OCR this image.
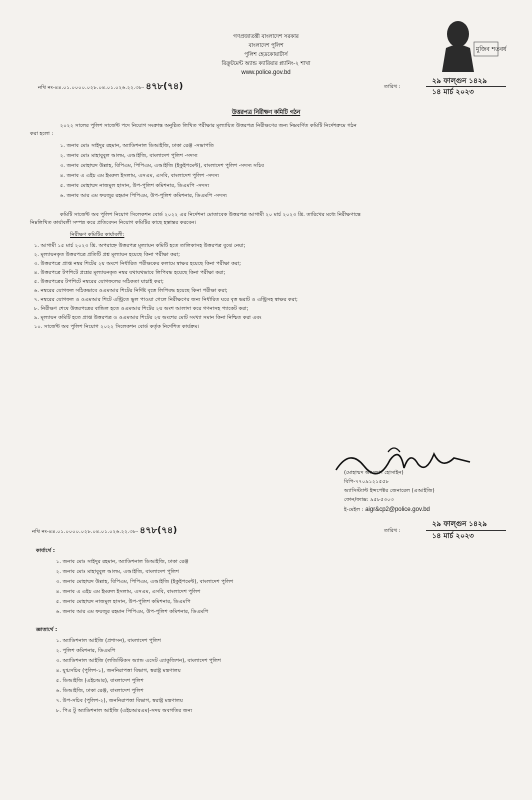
গণপ্রজাতন্ত্রী বাংলাদেশ সরকার
বাংলাদেশ পুলিশ
পুলিশ হেডকোয়ার্টার্স
রিক্রুটমেন্ট অ্যান্ড ক্যারিয়ার প্ল্যানিং-২ শাখা
www.police.gov.bd
মুজিব শতবর্ষ
নথি নং-৪৪.০১.০০০০.০২৮.০৪.০১.০২৬.২২.৩৮- ৪৭৮(৭৪)	তারিখ :
২৯ ফাল্গুন ১৪২৯
১৪ মার্চ ২০২৩
উত্তরপত্র নিরীক্ষণ কমিটি গঠন
২০২২ সালের পুলিশ সার্জেন্ট পদে নিয়োগ সংক্রান্ত অনুষ্ঠিত লিখিত পরীক্ষার মূল্যায়িত উত্তরপত্র নিরীক্ষণের জন্য নিম্নবর্ণিত কমিটি নির্দেশক্রমে গঠন
করা হলো :
১. জনাব মোঃ সাইদুর রহমান, অ্যাডিশনাল ডিআইজি, ঢাকা রেঞ্জ -সভাপতি
২. জনাব মোঃ মাহাবুবুল আলম, এআইজি, বাংলাদেশ পুলিশ -সদস্য
৩. জনাব মোহাম্মদ উল্লাহ, বিপিএম, পিপিএম, এআইজি (ইকুইপমেন্ট), বাংলাদেশ পুলিশ -সদস্য সচিব
৪. জনাব এ এইচ এম ইমরুল ইসলাম, এসএম, এসবি, বাংলাদেশ পুলিশ -সদস্য
৫. জনাব মোহাম্মদ নাজমুল হাসান, উপ-পুলিশ কমিশনার, ডিএমপি -সদস্য
৬. জনাব আর এম ফয়জুর রহমান পিপিএম, উপ-পুলিশ কমিশনার, ডিএমপি -সদস্য
কমিটি সার্জেন্ট অব পুলিশ নিয়োগ সিলেকশন বোর্ড ২০২২ এর নির্দেশনা মোতাবেক উত্তরপত্র আগামী ২০ মার্চ ২০২৩ খ্রি. তারিখের মধ্যে নিরীক্ষণান্তে
নিম্নলিখিত কার্যাবলী সম্পন্ন করে প্রতিবেদন নিয়োগ কমিটির কাছে হস্তান্তর করবেন।
নিরীক্ষণ কমিটির কার্যাবলী:
১. আগামী ১৫ মার্চ ২০২৩ খ্রি. অপরাহ্নে উত্তরপত্র মূল্যায়ন কমিটি হতে তালিকাসহ উত্তরপত্র বুঝে নেয়া;
২. মূল্যায়নকৃত উত্তরপত্রে প্রতিটি প্রশ্ন মূল্যায়ন হয়েছে কিনা পরীক্ষা করা;
৩. উত্তরপত্রে প্রাপ্ত নম্বর শিটের ২য় অংশে নির্ধারিত পরীক্ষকের কলামে স্বাক্ষর হয়েছে কিনা পরীক্ষা করা;
৪. উত্তরপত্রে টপশিটে প্রশ্নের মূল্যায়নকৃত নম্বর যথাযথভাবে লিপিবদ্ধ হয়েছে কিনা পরীক্ষা করা;
৫. উত্তরপত্রের টপশিটে নম্বরের যোগফলের সঠিকতা যাচাই করা;
৬. নম্বরের যোগফল সঠিকভাবে ওএমআর শিটের নির্দিষ্ট বৃত্তে লিপিবদ্ধ হয়েছে কিনা পরীক্ষা করা;
৭. নম্বরের যোগফল ও ওএমআর শিটে এন্ট্রিতে ভুল পাওয়া গেলে নিরীক্ষণের জন্য নির্ধারিত ঘরে বৃত্ত ভরাট ও এন্ট্রিসহ স্বাক্ষর করা;
৮. নিরীক্ষণ শেষে উত্তরপত্রের বান্ডিল হতে ওএমআর শিটের ২য় অংশ আলাদা করে গণনাসহ প্যাকেট করা;
৯. মূল্যায়ন কমিটি হতে প্রাপ্ত উত্তরপত্র ও ওএমআর শিটের ২য় অংশের মোট সংখ্যা সমান কিনা নিশ্চিত করা এবং
১০. সার্জেন্ট অব পুলিশ নিয়োগ ২০২২ সিলেকশন বোর্ড কর্তৃক নির্দেশিত কার্যক্রম।
(মোহাম্মদ আমজাদ হোসাইন)
বিপি-৭৭০৯১২১৫৫৮
অ্যাসিস্ট্যান্ট ইন্সপেক্টর জেনারেল (এআইজি)
ফোন/ফ্যাক্স: ৯৫৮৫৩০৩
ই-মেইল : aigr&cp2@police.gov.bd
নথি নং-৪৪.০১.০০০০.০২৮.০৪.০১.০২৬.২২.৩৮- ৪৭৮(৭৪)	তারিখ :
২৯ ফাল্গুন ১৪২৯
১৪ মার্চ ২০২৩
কার্যার্থে :
১. জনাব মোঃ সাইদুর রহমান, অ্যাডিশনাল ডিআইজি, ঢাকা রেঞ্জ
২. জনাব মোঃ মাহাবুবুল আলম, এআইজি, বাংলাদেশ পুলিশ
৩. জনাব মোহাম্মদ উল্লাহ, বিপিএম, পিপিএম, এআইজি (ইকুইপমেন্ট), বাংলাদেশ পুলিশ
৪. জনাব এ এইচ এম ইমরুল ইসলাম, এসএম, এসবি, বাংলাদেশ পুলিশ
৫. জনাব মোহাম্মদ নাজমুল হাসান, উপ-পুলিশ কমিশনার, ডিএমপি
৬. জনাব আর এম ফয়জুর রহমান পিপিএম, উপ-পুলিশ কমিশনার, ডিএমপি
জ্ঞাতার্থে :
১. অ্যাডিশনাল আইজি (প্রশাসন), বাংলাদেশ পুলিশ
২. পুলিশ কমিশনার, ডিএমপি
৩. অ্যাডিশনাল আইজি (লজিস্টিকস অ্যান্ড এসেট এ্যাকুজিশন), বাংলাদেশ পুলিশ
৪. যুগ্মসচিব (পুলিশ-১), জননিরাপত্তা বিভাগ, স্বরাষ্ট্র মন্ত্রণালয়
৫. ডিআইজি (এইচআর), বাংলাদেশ পুলিশ
৬. ডিআইজি, ঢাকা রেঞ্জ, বাংলাদেশ পুলিশ
৭. উপ-সচিব (পুলিশ-২), জননিরাপত্তা বিভাগ, স্বরাষ্ট্র মন্ত্রণালয়
৮. পিএ টু অ্যাডিশনাল আইজি (এইচআরএম)-সদয় অবগতির জন্য
